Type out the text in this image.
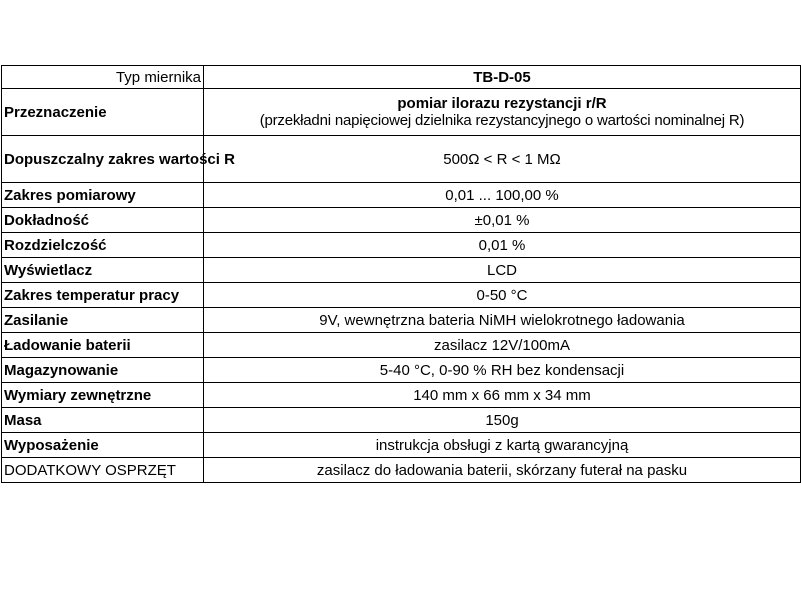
Typ miernika	TB-D-05
Przeznaczenie	pomiar ilorazu rezystancji r/R
(przekładni napięciowej dzielnika rezystancyjnego o wartości nominalnej R)

Dopuszczalny zakres wartości R	500Ω < R < 1 MΩ
Zakres pomiarowy	0,01 ... 100,00 %
Dokładność	±0,01 %
Rozdzielczość	0,01 %
Wyświetlacz	LCD
Zakres temperatur pracy	0-50 °C
Zasilanie	9V, wewnętrzna bateria NiMH wielokrotnego ładowania
Ładowanie baterii	zasilacz 12V/100mA
Magazynowanie	5-40 °C, 0-90 % RH bez kondensacji
Wymiary zewnętrzne	140 mm x 66 mm x 34 mm
Masa	150g
Wyposażenie	instrukcja obsługi z kartą gwarancyjną
DODATKOWY OSPRZĘT	zasilacz do ładowania baterii, skórzany futerał na pasku
